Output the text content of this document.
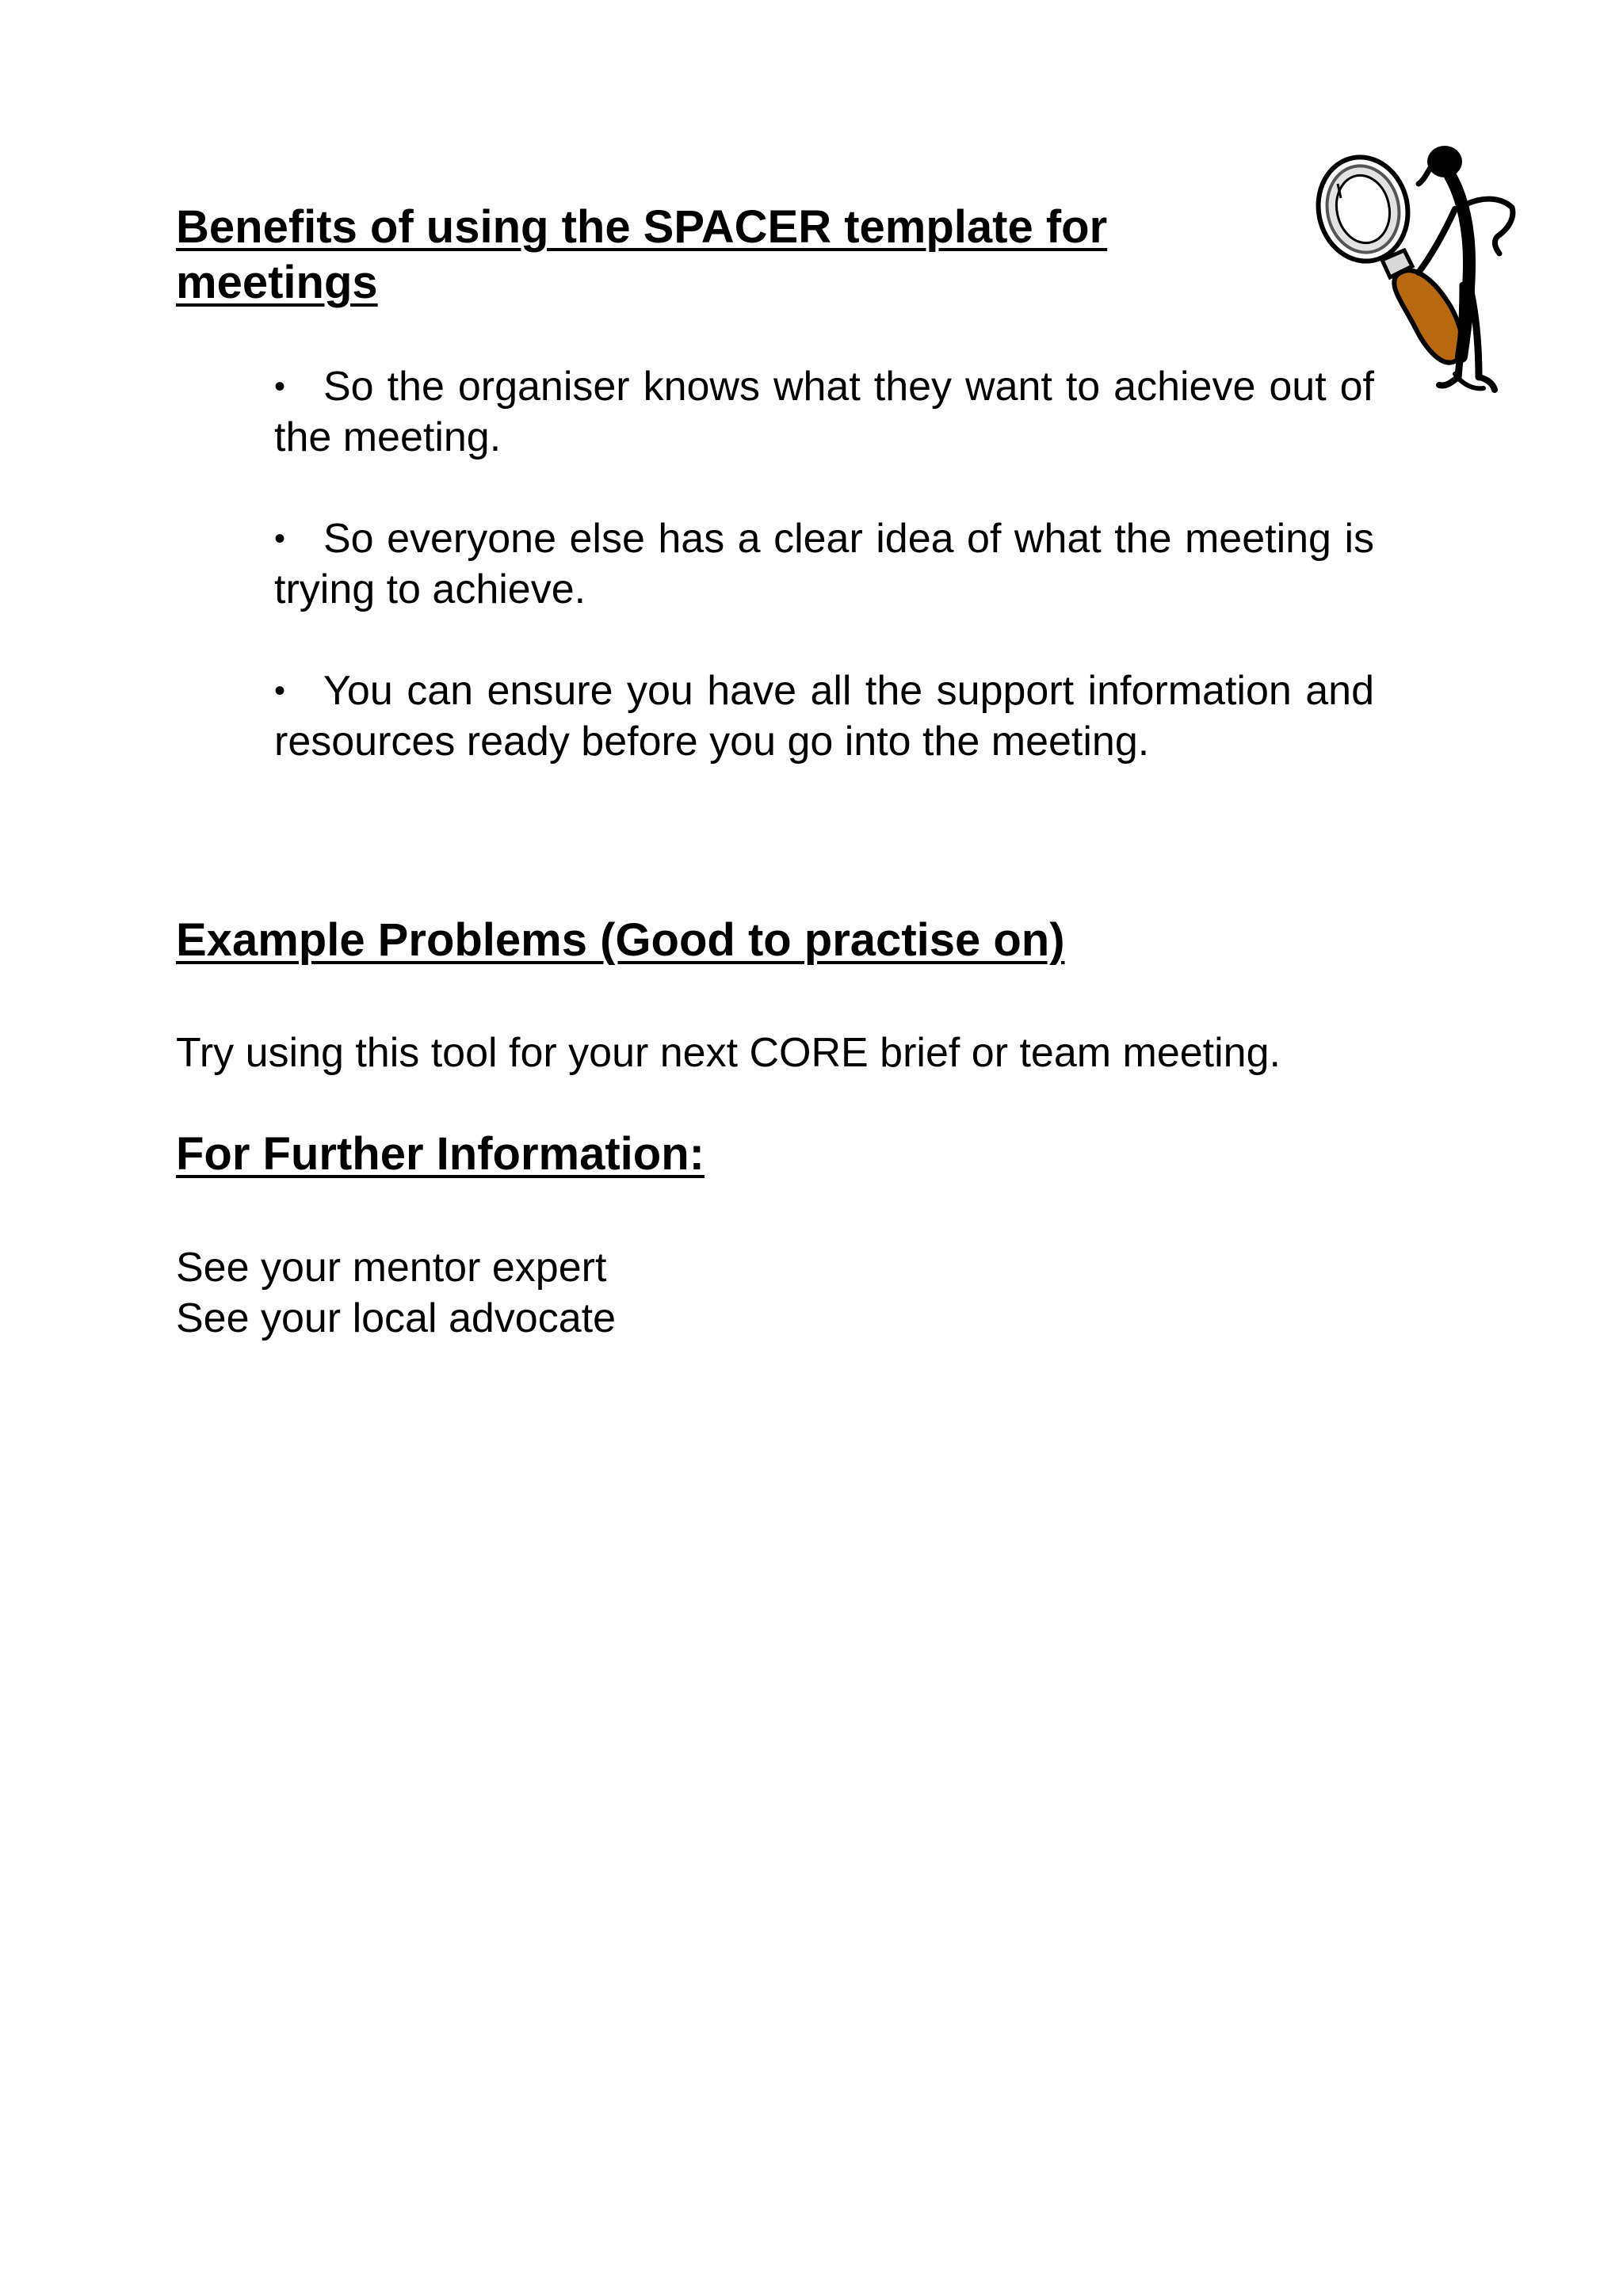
Benefits of using the SPACER template for meetings
• So the organiser knows what they want to achieve out of the meeting.
• So everyone else has a clear idea of what the meeting is trying to achieve.
• You can ensure you have all the support information and resources ready before you go into the meeting.
Example Problems (Good to practise on)

Try using this tool for your next CORE brief or team meeting.

For Further Information:

See your mentor expert
See your local advocate
